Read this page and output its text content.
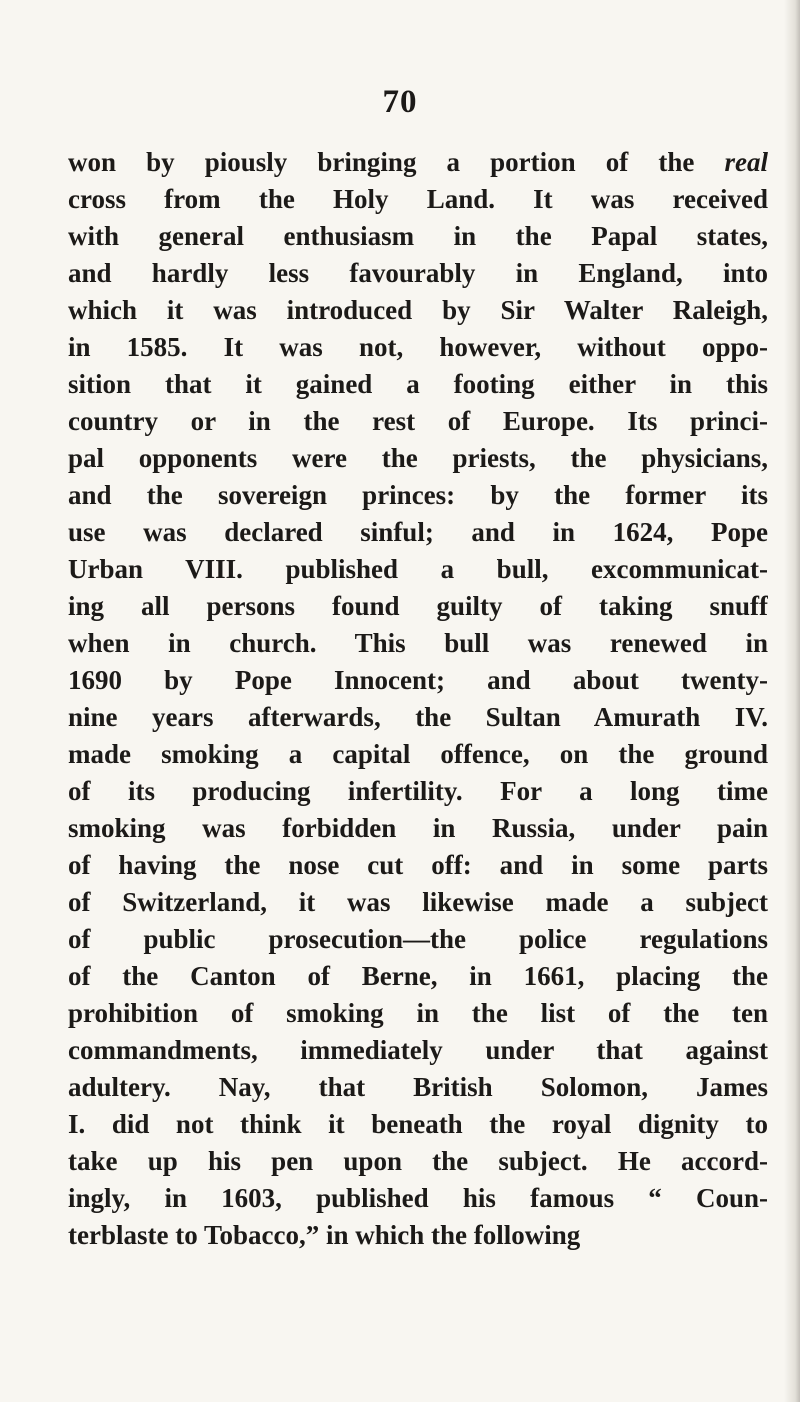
70
won by piously bringing a portion of the real
cross from the Holy Land. It was received
with general enthusiasm in the Papal states,
and hardly less favourably in England, into
which it was introduced by Sir Walter Raleigh,
in 1585. It was not, however, without oppo-
sition that it gained a footing either in this
country or in the rest of Europe. Its princi-
pal opponents were the priests, the physicians,
and the sovereign princes: by the former its
use was declared sinful; and in 1624, Pope
Urban VIII. published a bull, excommunicat-
ing all persons found guilty of taking snuff
when in church. This bull was renewed in
1690 by Pope Innocent; and about twenty-
nine years afterwards, the Sultan Amurath IV.
made smoking a capital offence, on the ground
of its producing infertility. For a long time
smoking was forbidden in Russia, under pain
of having the nose cut off: and in some parts
of Switzerland, it was likewise made a subject
of public prosecution—the police regulations
of the Canton of Berne, in 1661, placing the
prohibition of smoking in the list of the ten
commandments, immediately under that against
adultery. Nay, that British Solomon, James
I. did not think it beneath the royal dignity to
take up his pen upon the subject. He accord-
ingly, in 1603, published his famous “ Coun-
terblaste to Tobacco,” in which the following
